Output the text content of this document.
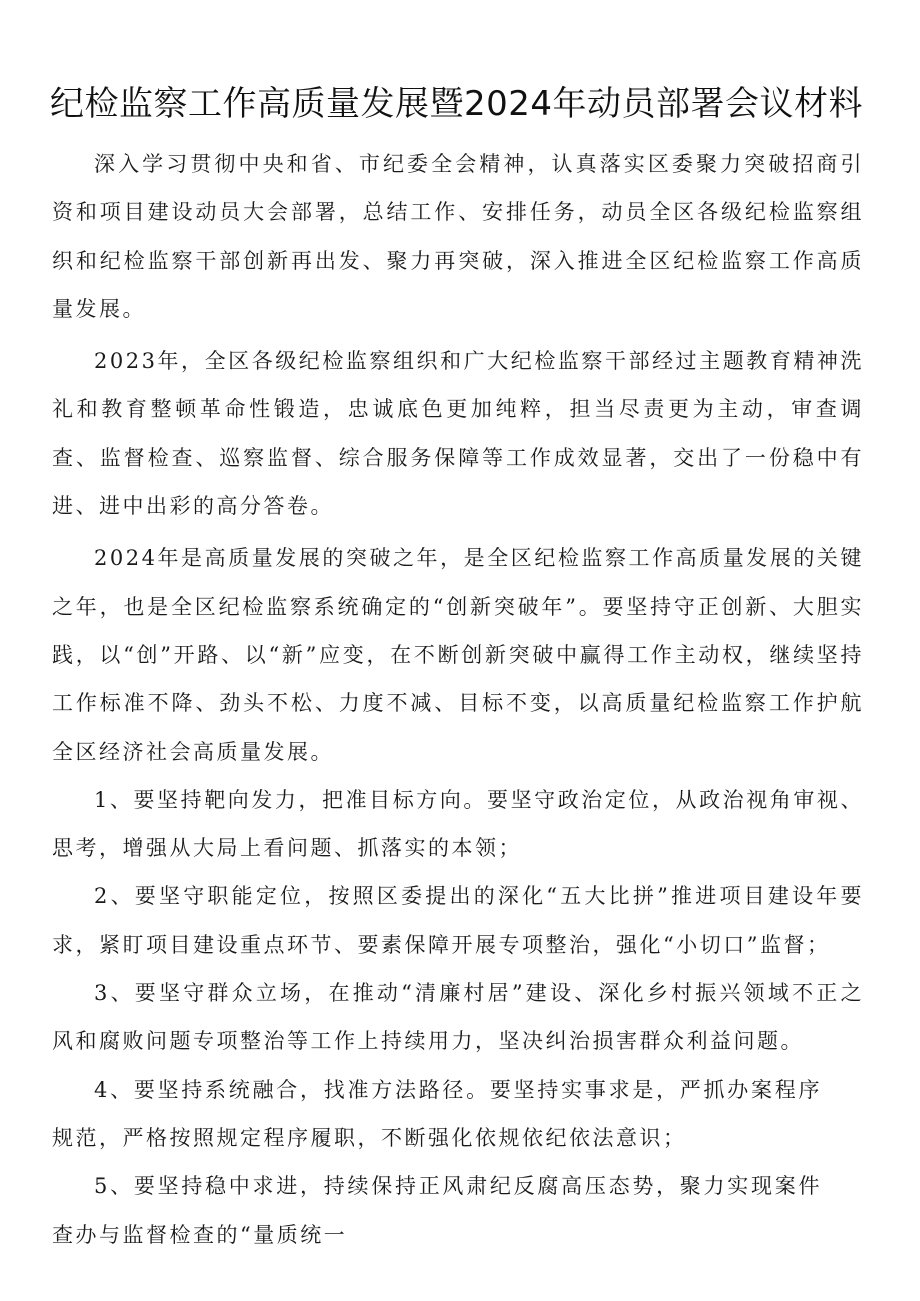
纪检监察工作高质量发展暨2024年动员部署会议材料

深入学习贯彻中央和省、市纪委全会精神，认真落实区委聚力突破招商引资和项目建设动员大会部署，总结工作、安排任务，动员全区各级纪检监察组织和纪检监察干部创新再出发、聚力再突破，深入推进全区纪检监察工作高质量发展。

2023年，全区各级纪检监察组织和广大纪检监察干部经过主题教育精神洗礼和教育整顿革命性锻造，忠诚底色更加纯粹，担当尽责更为主动，审查调查、监督检查、巡察监督、综合服务保障等工作成效显著，交出了一份稳中有进、进中出彩的高分答卷。

2024年是高质量发展的突破之年，是全区纪检监察工作高质量发展的关键之年，也是全区纪检监察系统确定的“创新突破年”。要坚持守正创新、大胆实践，以“创”开路、以“新”应变，在不断创新突破中赢得工作主动权，继续坚持工作标准不降、劲头不松、力度不减、目标不变，以高质量纪检监察工作护航全区经济社会高质量发展。

1、要坚持靶向发力，把准目标方向。要坚守政治定位，从政治视角审视、思考，增强从大局上看问题、抓落实的本领；

2、要坚守职能定位，按照区委提出的深化“五大比拼”推进项目建设年要求，紧盯项目建设重点环节、要素保障开展专项整治，强化“小切口”监督；

3、要坚守群众立场，在推动“清廉村居”建设、深化乡村振兴领域不正之风和腐败问题专项整治等工作上持续用力，坚决纠治损害群众利益问题。

4、要坚持系统融合，找准方法路径。要坚持实事求是，严抓办案程序规范，严格按照规定程序履职，不断强化依规依纪依法意识；

5、要坚持稳中求进，持续保持正风肃纪反腐高压态势，聚力实现案件查办与监督检查的“量质统一
